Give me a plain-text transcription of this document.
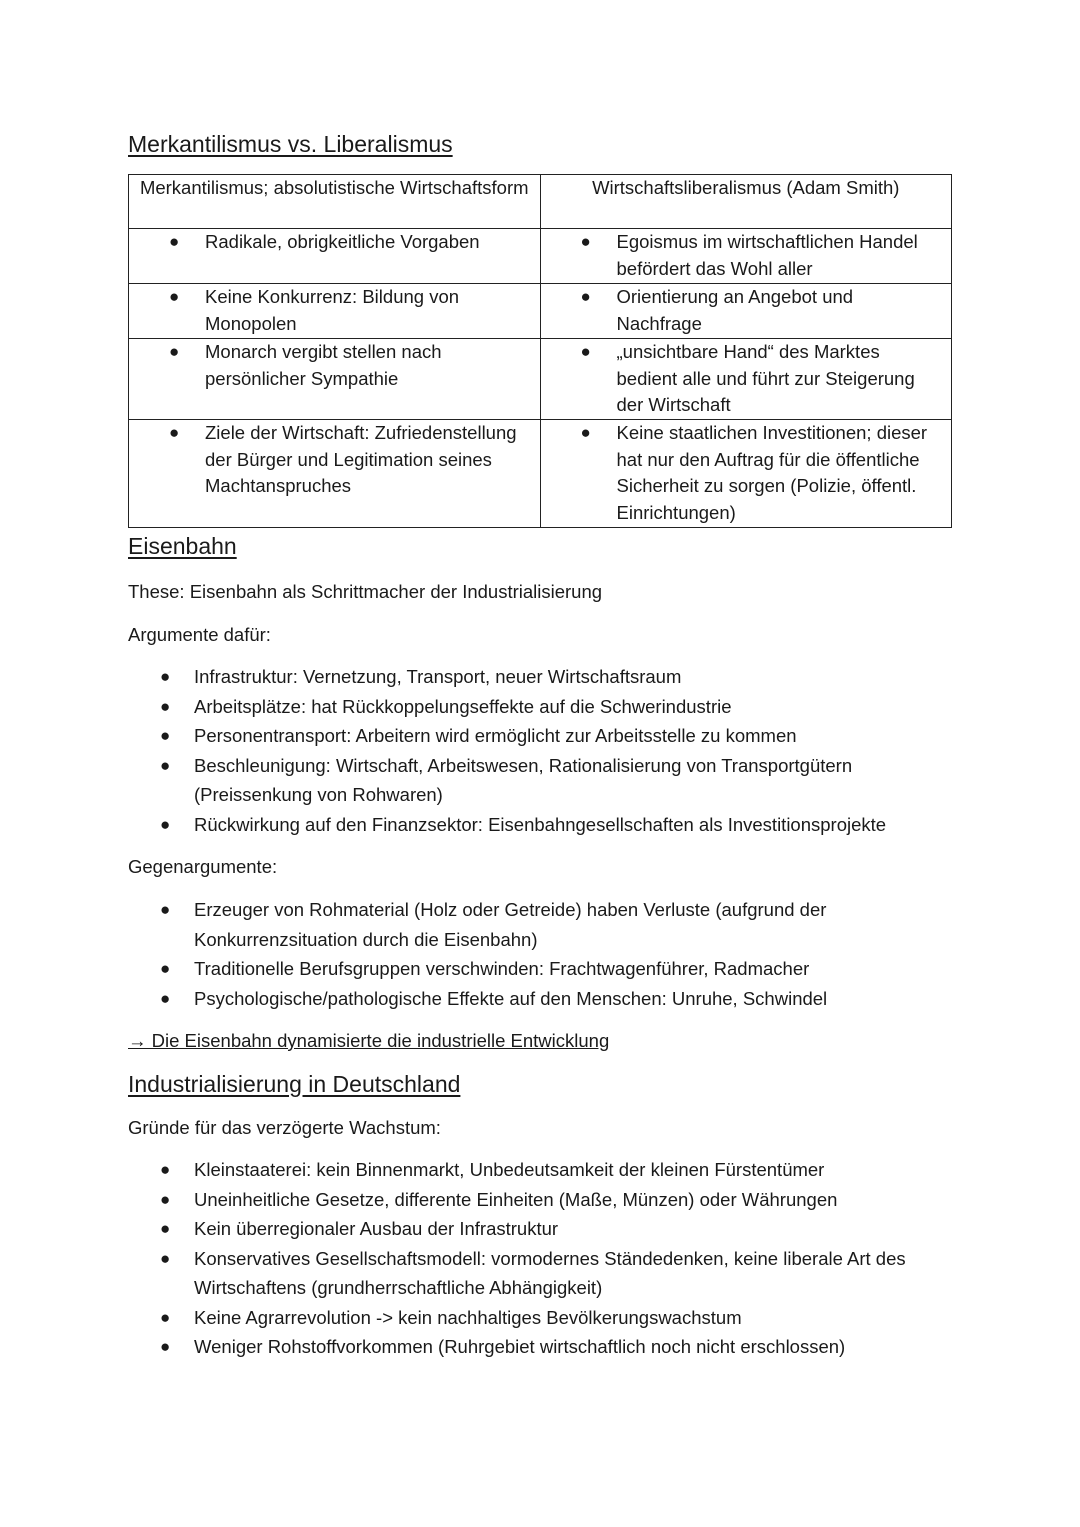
Merkantilismus vs. Liberalismus
Merkantilismus; absolutistische Wirtschaftsform	Wirtschaftsliberalismus (Adam Smith)

● Radikale, obrigkeitliche Vorgaben	● Egoismus im wirtschaftlichen Handel befördert das Wohl aller

● Keine Konkurrenz: Bildung von Monopolen	● Orientierung an Angebot und Nachfrage

● Monarch vergibt stellen nach persönlicher Sympathie	● „unsichtbare Hand“ des Marktes bedient alle und führt zur Steigerung der Wirtschaft

● Ziele der Wirtschaft: Zufriedenstellung der Bürger und Legitimation seines Machtanspruches	● Keine staatlichen Investitionen; dieser hat nur den Auftrag für die öffentliche Sicherheit zu sorgen (Polizie, öffentl. Einrichtungen)
Eisenbahn

These: Eisenbahn als Schrittmacher der Industrialisierung

Argumente dafür:

●	Infrastruktur: Vernetzung, Transport, neuer Wirtschaftsraum
●	Arbeitsplätze: hat Rückkoppelungseffekte auf die Schwerindustrie
●	Personentransport: Arbeitern wird ermöglicht zur Arbeitsstelle zu kommen
●	Beschleunigung: Wirtschaft, Arbeitswesen, Rationalisierung von Transportgütern (Preissenkung von Rohwaren)
●	Rückwirkung auf den Finanzsektor: Eisenbahngesellschaften als Investitionsprojekte

Gegenargumente:

●	Erzeuger von Rohmaterial (Holz oder Getreide) haben Verluste (aufgrund der Konkurrenzsituation durch die Eisenbahn)
●	Traditionelle Berufsgruppen verschwinden: Frachtwagenführer, Radmacher
●	Psychologische/pathologische Effekte auf den Menschen: Unruhe, Schwindel

→ Die Eisenbahn dynamisierte die industrielle Entwicklung

Industrialisierung in Deutschland

Gründe für das verzögerte Wachstum:

●	Kleinstaaterei: kein Binnenmarkt, Unbedeutsamkeit der kleinen Fürstentümer
●	Uneinheitliche Gesetze, differente Einheiten (Maße, Münzen) oder Währungen
●	Kein überregionaler Ausbau der Infrastruktur
●	Konservatives Gesellschaftsmodell: vormodernes Ständedenken, keine liberale Art des Wirtschaftens (grundherrschaftliche Abhängigkeit)
●	Keine Agrarrevolution -> kein nachhaltiges Bevölkerungswachstum
●	Weniger Rohstoffvorkommen (Ruhrgebiet wirtschaftlich noch nicht erschlossen)
